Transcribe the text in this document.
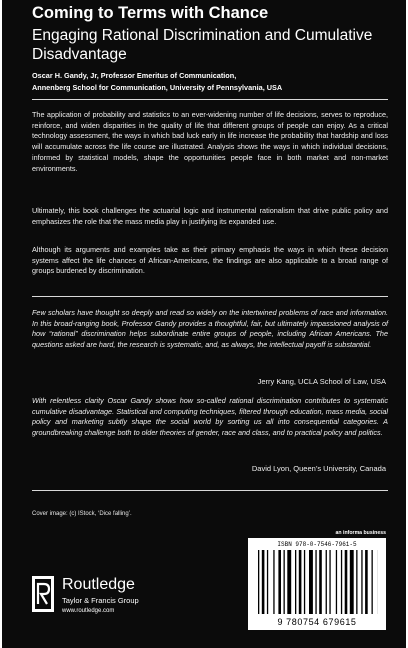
Coming to Terms with Chance
Engaging Rational Discrimination and Cumulative Disadvantage
Oscar H. Gandy, Jr, Professor Emeritus of Communication,
Annenberg School for Communication, University of Pennsylvania, USA

The application of probability and statistics to an ever-widening number of life decisions, serves to reproduce, reinforce, and widen disparities in the quality of life that different groups of people can enjoy. As a critical technology assessment, the ways in which bad luck early in life increase the probability that hardship and loss will accumulate across the life course are illustrated. Analysis shows the ways in which individual decisions, informed by statistical models, shape the opportunities people face in both market and non-market environments.

Ultimately, this book challenges the actuarial logic and instrumental rationalism that drive public policy and emphasizes the role that the mass media play in justifying its expanded use.

Although its arguments and examples take as their primary emphasis the ways in which these decision systems affect the life chances of African-Americans, the findings are also applicable to a broad range of groups burdened by discrimination.

Few scholars have thought so deeply and read so widely on the intertwined problems of race and information. In this broad-ranging book, Professor Gandy provides a thoughtful, fair, but ultimately impassioned analysis of how “rational” discrimination helps subordinate entire groups of people, including African Americans. The questions asked are hard, the research is systematic, and, as always, the intellectual payoff is substantial.

Jerry Kang, UCLA School of Law, USA

With relentless clarity Oscar Gandy shows how so-called rational discrimination contributes to systematic cumulative disadvantage. Statistical and computing techniques, filtered through education, mass media, social policy and marketing subtly shape the social world by sorting us all into consequential categories. A groundbreaking challenge both to older theories of gender, race and class, and to practical policy and politics.

David Lyon, Queen’s University, Canada
Cover image: (c) IStock, ‘Dice falling’.
an informa business
ISBN 978-0-7546-7961-5
9 780754 679615
Routledge
Taylor & Francis Group
www.routledge.com
